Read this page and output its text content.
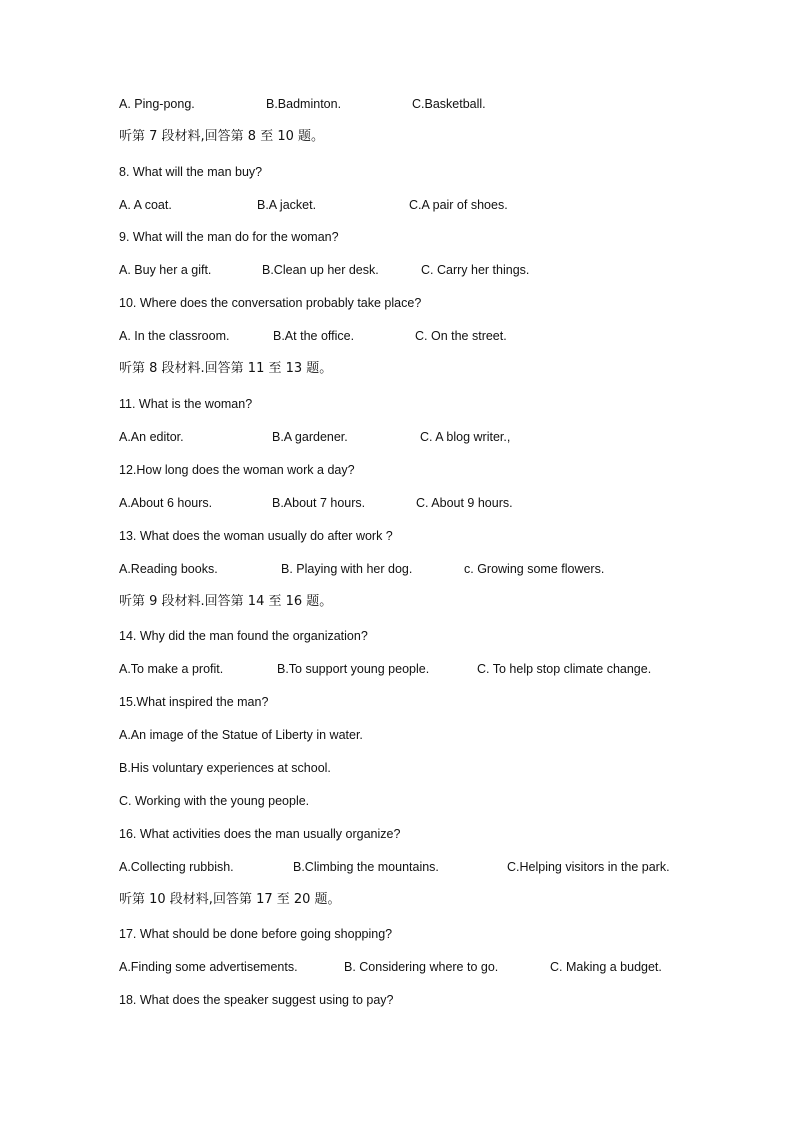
A. Ping-pong.	B.Badminton.	C.Basketball.
听第 7 段材料,回答第 8 至 10 题。
8. What will the man buy?
A. A coat.	B.A jacket.	C.A pair of shoes.
9. What will the man do for the woman?
A. Buy her a gift.	B.Clean up her desk.	C. Carry her things.
10. Where does the conversation probably take place?
A. In the classroom.	B.At the office.	C. On the street.
听第 8 段材料.回答第 11 至 13 题。
11. What is the woman?
A.An editor.	B.A gardener.	C. A blog writer.,
12.How long does the woman work a day?
A.About 6 hours.	B.About 7 hours.	C. About 9 hours.
13. What does the woman usually do after work ?
A.Reading books.	B. Playing with her dog.	c. Growing some flowers.
听第 9 段材料.回答第 14 至 16 题。
14. Why did the man found the organization?
A.To make a profit.	B.To support young people.	C. To help stop climate change.
15.What inspired the man?
A.An image of the Statue of Liberty in water.
B.His voluntary experiences at school.
C. Working with the young people.
16. What activities does the man usually organize?
A.Collecting rubbish.	B.Climbing the mountains.	C.Helping visitors in the park.
听第 10 段材料,回答第 17 至 20 题。
17. What should be done before going shopping?
A.Finding some advertisements.	B. Considering where to go.	C. Making a budget.
18. What does the speaker suggest using to pay?
